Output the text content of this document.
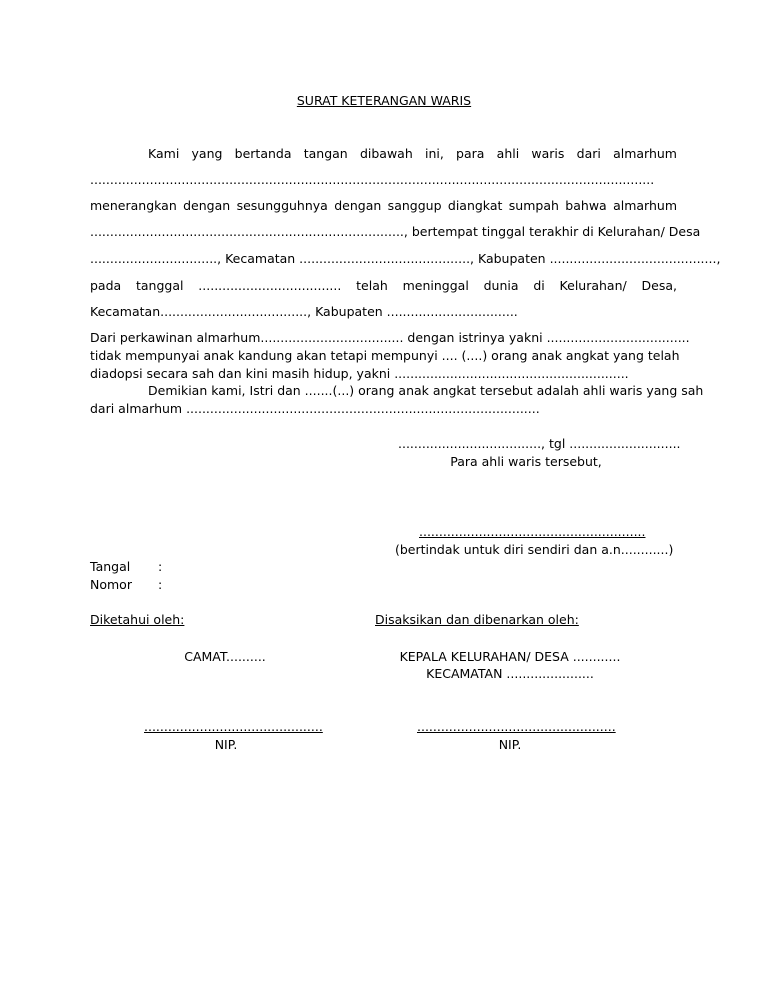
SURAT KETERANGAN WARIS
Kami yang bertanda tangan dibawah ini, para ahli waris dari almarhum
..............................................................................................................................................
menerangkan dengan sesungguhnya dengan sanggup diangkat sumpah bahwa almarhum
..............................................................................., bertempat tinggal terakhir di Kelurahan/ Desa
................................, Kecamatan ..........................................., Kabupaten ..........................................,
pada tanggal .................................... telah meninggal dunia di Kelurahan/ Desa,
Kecamatan....................................., Kabupaten .................................
Dari perkawinan almarhum.................................... dengan istrinya yakni ....................................
tidak mempunyai anak kandung akan tetapi mempunyi .... (....) orang anak angkat yang telah
diadopsi secara sah dan kini masih hidup, yakni ...........................................................
Demikian kami, Istri dan .......(...) orang anak angkat tersebut adalah ahli waris yang sah
dari almarhum .........................................................................................
...................................., tgl ............................
Para ahli waris tersebut,
.........................................................
(bertindak untuk diri sendiri dan a.n............)
Tangal :
Nomor :
Diketahui oleh:	Disaksikan dan dibenarkan oleh:
CAMAT..........	KEPALA KELURAHAN/ DESA ............
KECAMATAN ......................
.............................................
NIP.
..................................................
NIP.
